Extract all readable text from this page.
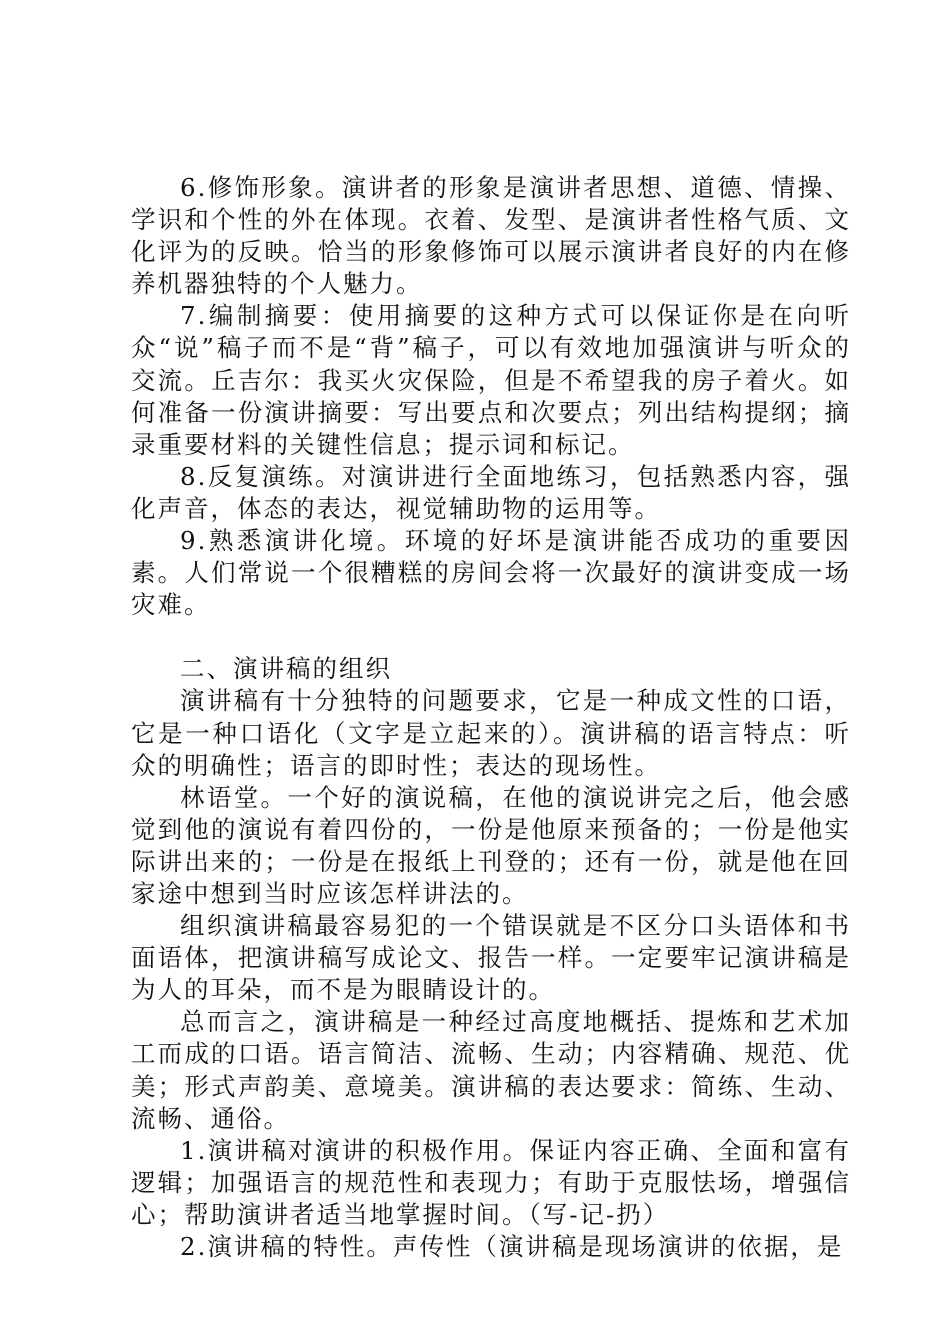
6.修饰形象。演讲者的形象是演讲者思想、道德、情操、学识和个性的外在体现。衣着、发型、是演讲者性格气质、文化评为的反映。恰当的形象修饰可以展示演讲者良好的内在修养机器独特的个人魅力。

7.编制摘要：使用摘要的这种方式可以保证你是在向听众“说”稿子而不是“背”稿子，可以有效地加强演讲与听众的交流。丘吉尔：我买火灾保险，但是不希望我的房子着火。如何准备一份演讲摘要：写出要点和次要点；列出结构提纲；摘录重要材料的关键性信息；提示词和标记。

8.反复演练。对演讲进行全面地练习，包括熟悉内容，强化声音，体态的表达，视觉辅助物的运用等。

9.熟悉演讲化境。环境的好坏是演讲能否成功的重要因素。人们常说一个很糟糕的房间会将一次最好的演讲变成一场灾难。

二、演讲稿的组织

演讲稿有十分独特的问题要求，它是一种成文性的口语，它是一种口语化（文字是立起来的）。演讲稿的语言特点：听众的明确性；语言的即时性；表达的现场性。

林语堂。一个好的演说稿，在他的演说讲完之后，他会感觉到他的演说有着四份的，一份是他原来预备的；一份是他实际讲出来的；一份是在报纸上刊登的；还有一份，就是他在回家途中想到当时应该怎样讲法的。

组织演讲稿最容易犯的一个错误就是不区分口头语体和书面语体，把演讲稿写成论文、报告一样。一定要牢记演讲稿是为人的耳朵，而不是为眼睛设计的。

总而言之，演讲稿是一种经过高度地概括、提炼和艺术加工而成的口语。语言简洁、流畅、生动；内容精确、规范、优美；形式声韵美、意境美。演讲稿的表达要求：简练、生动、流畅、通俗。

1.演讲稿对演讲的积极作用。保证内容正确、全面和富有逻辑；加强语言的规范性和表现力；有助于克服怯场，增强信心；帮助演讲者适当地掌握时间。（写-记-扔）

2.演讲稿的特性。声传性（演讲稿是现场演讲的依据，是
